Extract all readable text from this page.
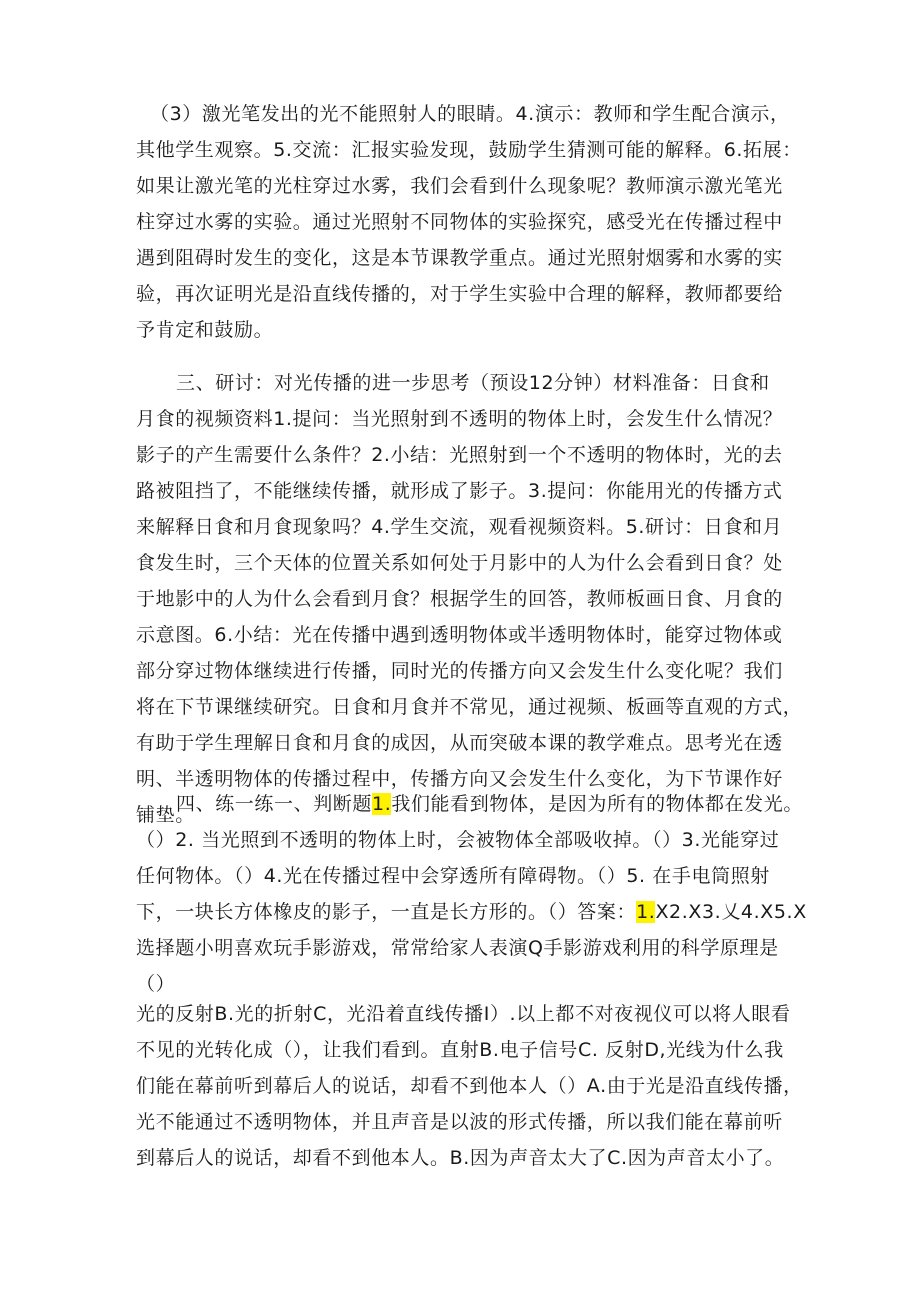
（3）激光笔发出的光不能照射人的眼睛。4.演示：教师和学生配合演示，
其他学生观察。5.交流：汇报实验发现，鼓励学生猜测可能的解释。6.拓展：
如果让激光笔的光柱穿过水雾，我们会看到什么现象呢？教师演示激光笔光
柱穿过水雾的实验。通过光照射不同物体的实验探究，感受光在传播过程中
遇到阻碍时发生的变化，这是本节课教学重点。通过光照射烟雾和水雾的实
验，再次证明光是沿直线传播的，对于学生实验中合理的解释，教师都要给
予肯定和鼓励。
三、研讨：对光传播的进一步思考（预设12分钟）材料准备：日食和
月食的视频资料1.提问：当光照射到不透明的物体上时，会发生什么情况？
影子的产生需要什么条件？2.小结：光照射到一个不透明的物体时，光的去
路被阻挡了，不能继续传播，就形成了影子。3.提问：你能用光的传播方式
来解释日食和月食现象吗？4.学生交流，观看视频资料。5.研讨：日食和月
食发生时，三个天体的位置关系如何处于月影中的人为什么会看到日食？处
于地影中的人为什么会看到月食？根据学生的回答，教师板画日食、月食的
示意图。6.小结：光在传播中遇到透明物体或半透明物体时，能穿过物体或
部分穿过物体继续进行传播，同时光的传播方向又会发生什么变化呢？我们
将在下节课继续研究。日食和月食并不常见，通过视频、板画等直观的方式，
有助于学生理解日食和月食的成因，从而突破本课的教学难点。思考光在透
明、半透明物体的传播过程中，传播方向又会发生什么变化，为下节课作好
铺垫。
四、练一练一、判断题1.我们能看到物体，是因为所有的物体都在发光。
（）2. 当光照到不透明的物体上时，会被物体全部吸收掉。（）3.光能穿过
任何物体。（）4.光在传播过程中会穿透所有障碍物。（）5. 在手电筒照射
下，一块长方体橡皮的影子，一直是长方形的。（）答案：1.X2.X3.乂4.X5.X
选择题小明喜欢玩手影游戏，常常给家人表演Q手影游戏利用的科学原理是
（）
光的反射B.光的折射C，光沿着直线传播I）.以上都不对夜视仪可以将人眼看
不见的光转化成（），让我们看到。直射B.电子信号C. 反射D,光线为什么我
们能在幕前听到幕后人的说话，却看不到他本人（）A.由于光是沿直线传播，
光不能通过不透明物体，并且声音是以波的形式传播，所以我们能在幕前听
到幕后人的说话，却看不到他本人。B.因为声音太大了C.因为声音太小了。
